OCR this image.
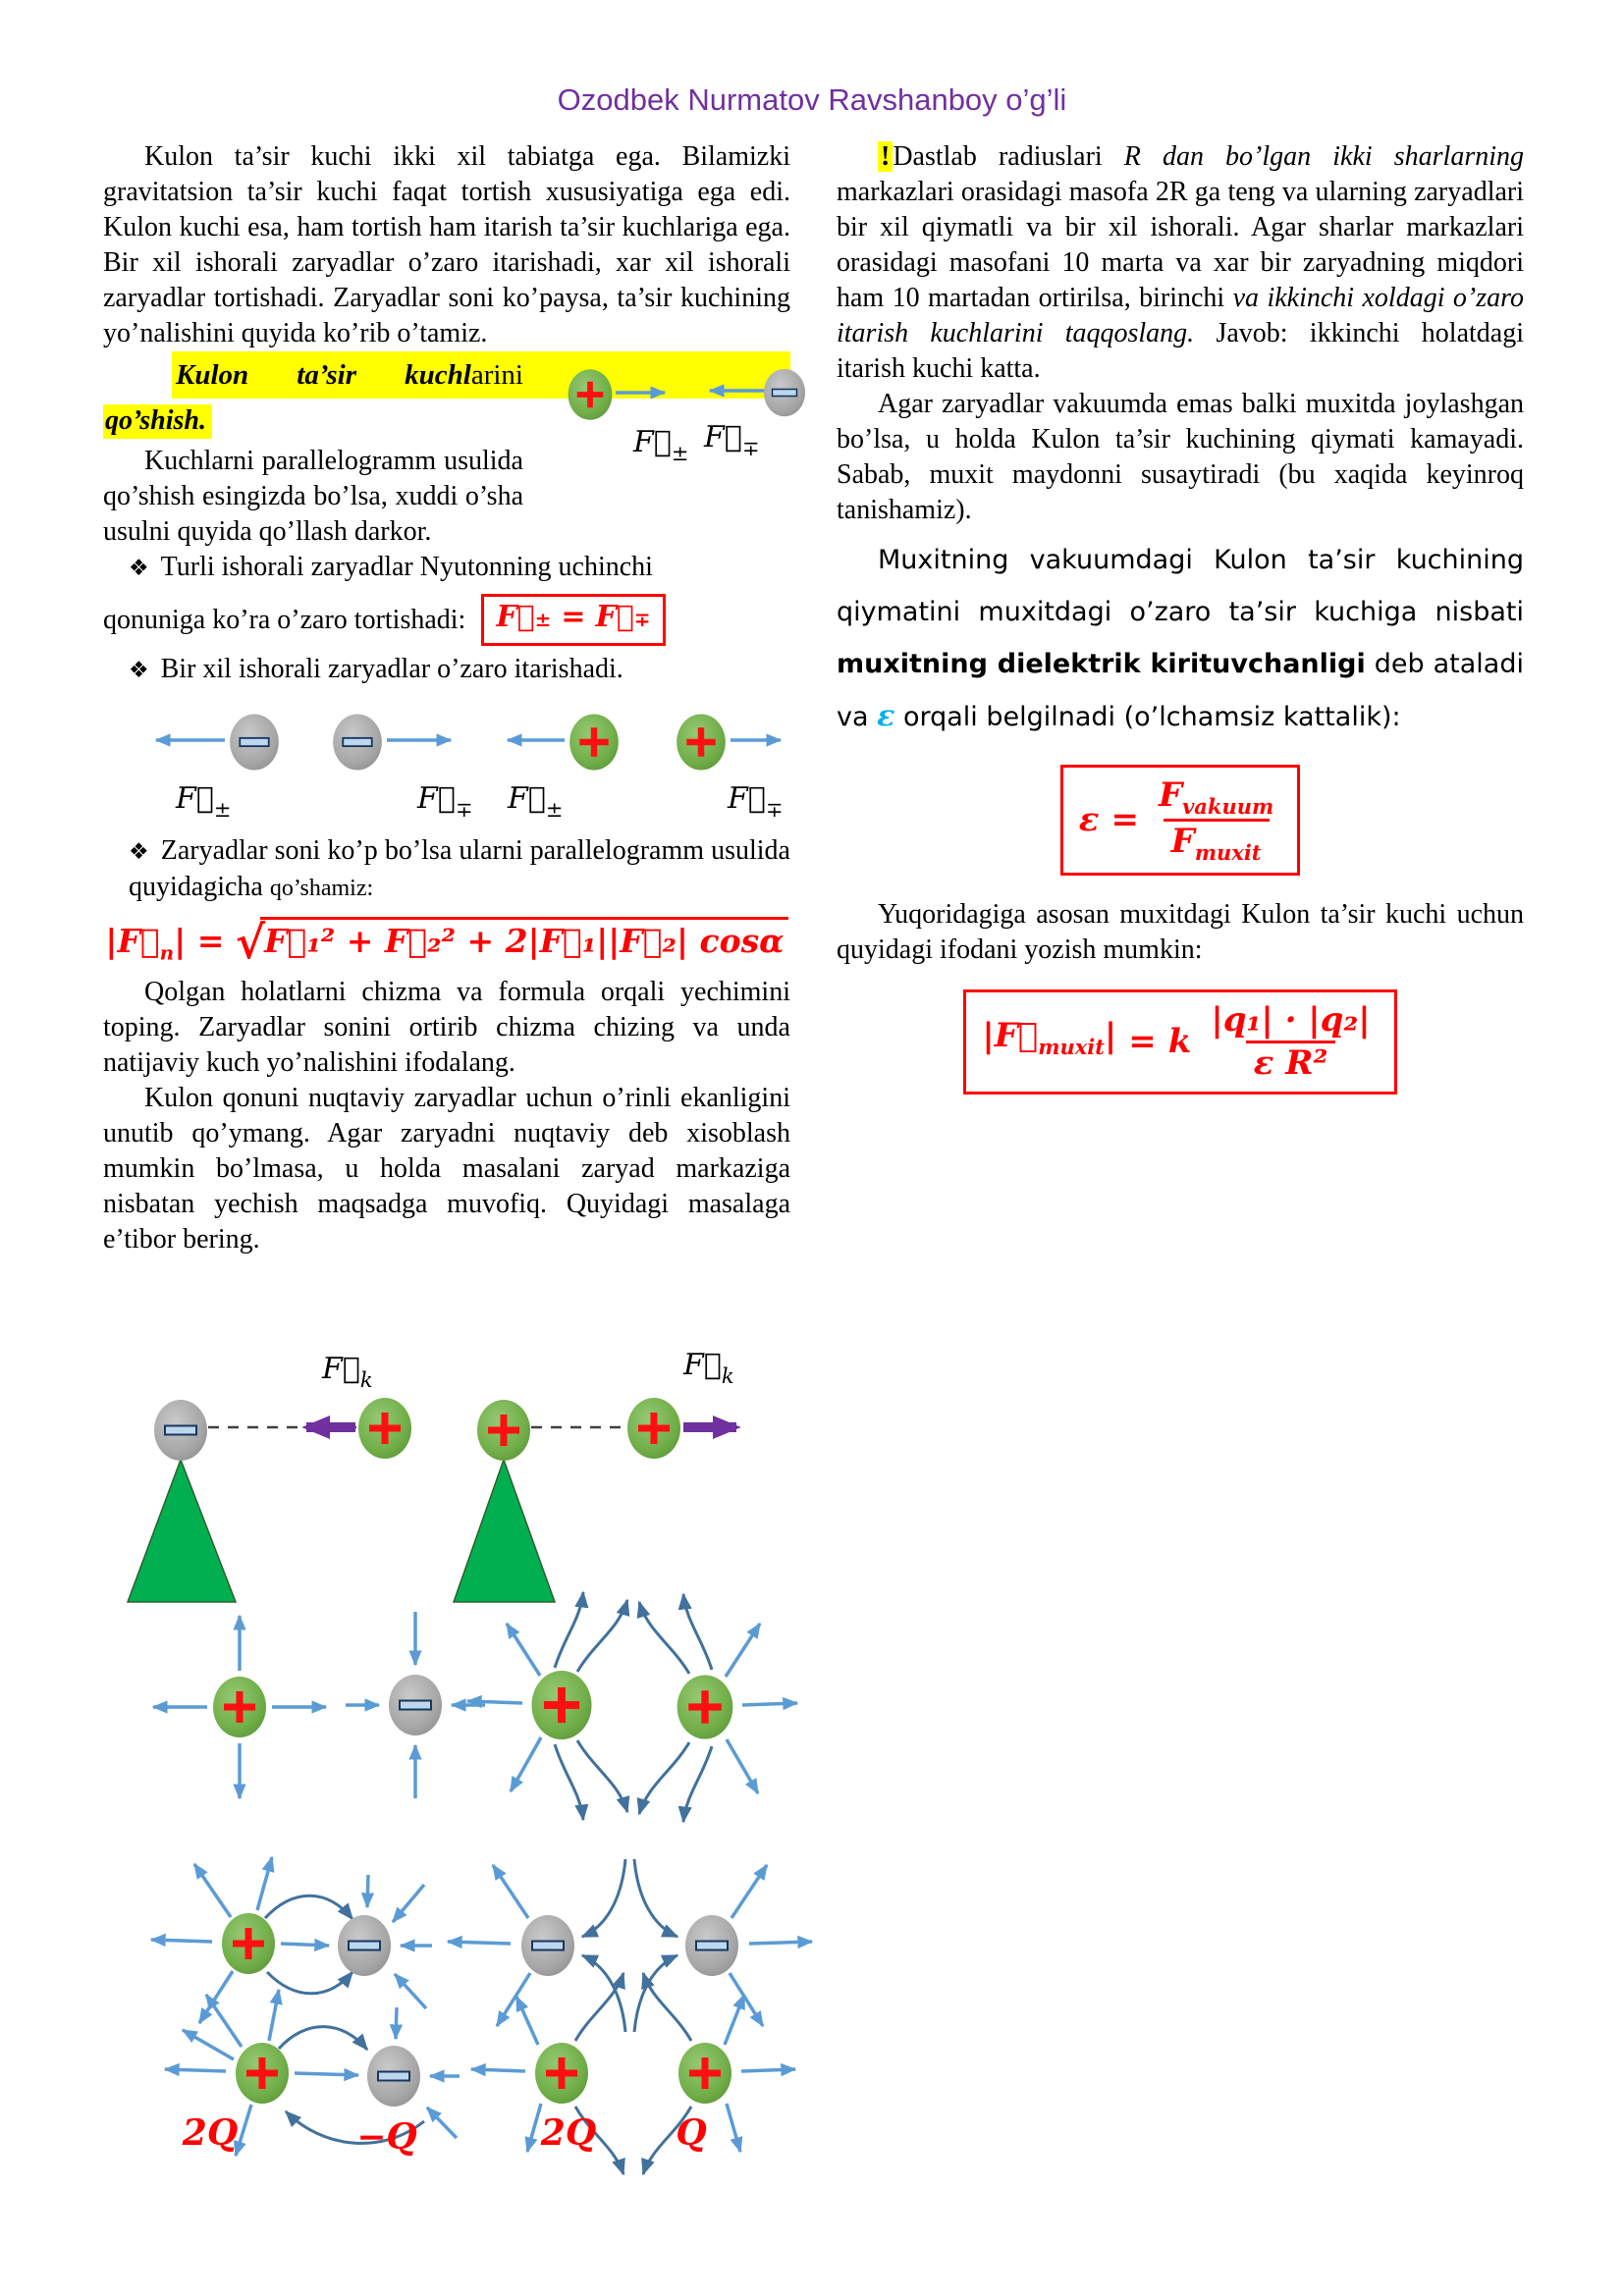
Ozodbek Nurmatov Ravshanboy o’g’li

Kulon ta’sir kuchi ikki xil tabiatga ega. Bilamizki gravitatsion ta’sir kuchi faqat tortish xususiyatiga ega edi. Kulon kuchi esa, ham tortish ham itarish ta’sir kuchlariga ega. Bir xil ishorali zaryadlar o’zaro itarishadi, xar xil ishorali zaryadlar tortishadi. Zaryadlar soni ko’paysa, ta’sir kuchining yo’nalishini quyida ko’rib o’tamiz.

$F⃗_\pm$ $F⃗_\mp$
Kulon ta’sir kuchlarini
qo’shish.

Kuchlarni parallelogramm usulida qo’shish esingizda bo’lsa, xuddi o’sha usulni quyida qo’llash darkor.

❖ Turli ishorali zaryadlar Nyutonning uchinchi

qonuniga ko’ra o’zaro tortishadi: F⃗ ± = F⃗ ∓

❖ Bir xil ishorali zaryadlar o’zaro itarishadi.

$F⃗_\pm$	$F⃗_\mp$ $F⃗_\pm$	$F⃗_\mp$

❖ Zaryadlar soni ko’p bo’lsa ularni parallelogramm usulida quyidagicha qo’shamiz:

$|F⃗_n|$ = √F⃗₁² + F⃗₂² + 2|F⃗₁||F⃗₂| cosα

Qolgan holatlarni chizma va formula orqali yechimini toping. Zaryadlar sonini ortirib chizma chizing va unda natijaviy kuch yo’nalishini ifodalang.

Kulon qonuni nuqtaviy zaryadlar uchun o’rinli ekanligini unutib qo’ymang. Agar zaryadni nuqtaviy deb xisoblash mumkin bo’lmasa, u holda masalani zaryad markaziga nisbatan yechish maqsadga muvofiq. Quyidagi masalaga e’tibor bering.

! Dastlab radiuslari R dan bo’lgan ikki sharlarning markazlari orasidagi masofa 2R ga teng va ularning zaryadlari bir xil qiymatli va bir xil ishorali. Agar sharlar markazlari orasidagi masofani 10 marta va xar bir zaryadning miqdori ham 10 martadan ortirilsa, birinchi va ikkinchi xoldagi o’zaro itarish kuchlarini taqqoslang. Javob: ikkinchi holatdagi itarish kuchi katta.

Agar zaryadlar vakuumda emas balki muxitda joylashgan bo’lsa, u holda Kulon ta’sir kuchining qiymati kamayadi. Sabab, muxit maydonni susaytiradi (bu xaqida keyinroq tanishamiz).

Muxitning vakuumdagi Kulon ta’sir kuchining qiymatini muxitdagi o’zaro ta’sir kuchiga nisbati muxitning dielektrik kirituvchanligi deb ataladi va ε orqali belgilnadi (o’lchamsiz kattalik):

$\varepsilon = \frac{F_{vakuum}}{F_{muxit}}$

Yuqoridagiga asosan muxitdagi Kulon ta’sir kuchi uchun quyidagi ifodani yozish mumkin:

$|F⃗_{muxit}| = k \frac{\text{|q₁| · |q₂|}}{\text{ε R²}}$
$F⃗_k$	$F⃗_k$
2Q	−Q	2Q Q
